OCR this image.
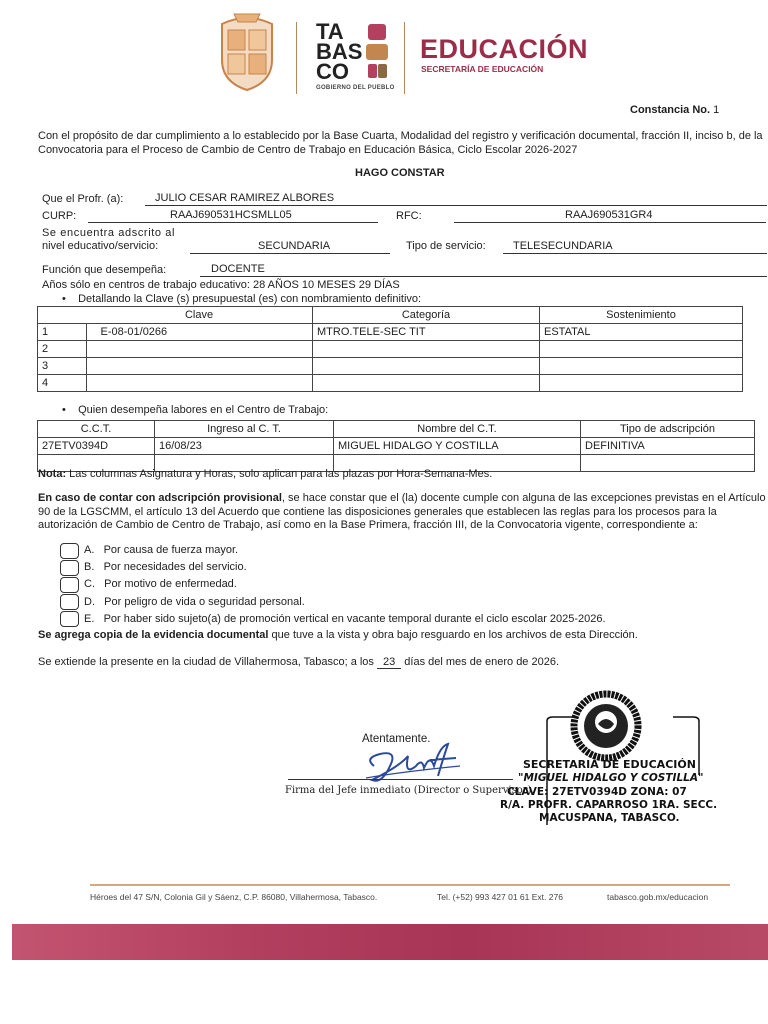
TA
BAS
CO
GOBIERNO DEL PUEBLO
EDUCACIÓN
SECRETARÍA DE EDUCACIÓN
Constancia No. 1
Con el propósito de dar cumplimiento a lo establecido por la Base Cuarta, Modalidad del registro y verificación documental, fracción II, inciso b, de la Convocatoria para el Proceso de Cambio de Centro de Trabajo en Educación Básica, Ciclo Escolar 2026-2027
HAGO CONSTAR
Que el Profr. (a):	JULIO CESAR RAMIREZ ALBORES
CURP:	RAAJ690531HCSMLL05	RFC:	RAAJ690531GR4
Se encuentra adscrito al
nivel educativo/servicio:	SECUNDARIA	Tipo de servicio: TELESECUNDARIA
Función que desempeña:	DOCENTE
Años sólo en centros de trabajo educativo: 28 AÑOS 10 MESES 29 DÍAS
•    Detallando la Clave (s) presupuestal (es) con nombramiento definitivo:
	Clave	Categoría	Sostenimiento
1	E-08-01/0266	MTRO.TELE-SEC TIT	ESTATAL
2			
3			
4			
•    Quien desempeña labores en el Centro de Trabajo:
C.C.T.	Ingreso al C. T.	Nombre del C.T.	Tipo de adscripción
27ETV0394D	16/08/23	MIGUEL HIDALGO Y COSTILLA	DEFINITIVA

Nota: Las columnas Asignatura y Horas, solo aplican para las plazas por Hora-Semana-Mes.
En caso de contar con adscripción provisional, se hace constar que el (la) docente cumple con alguna de las excepciones previstas en el Artículo 90 de la LGSCMM, el artículo 13 del Acuerdo que contiene las disposiciones generales que establecen las reglas para los procesos para la autorización de Cambio de Centro de Trabajo, así como en la Base Primera, fracción III, de la Convocatoria vigente, correspondiente a:
A. Por causa de fuerza mayor.
B. Por necesidades del servicio.
C. Por motivo de enfermedad.
D. Por peligro de vida o seguridad personal.
E. Por haber sido sujeto(a) de promoción vertical en vacante temporal durante el ciclo escolar 2025-2026.
Se agrega copia de la evidencia documental que tuve a la vista y obra bajo resguardo en los archivos de esta Dirección.
Se extiende la presente en la ciudad de Villahermosa, Tabasco; a los 23 días del mes de enero de 2026.
Atentamente.
Firma del Jefe inmediato (Director o Supervisor)
SECRETARIA DE EDUCACIÓN
"MIGUEL HIDALGO Y COSTILLA"
CLAVE: 27ETV0394D ZONA: 07
R/A. PROFR. CAPARROSO 1RA. SECC.
MACUSPANA, TABASCO.
Héroes del 47 S/N, Colonia Gil y Sáenz, C.P. 86080, Villahermosa, Tabasco.	Tel. (+52) 993 427 01 61 Ext. 276	tabasco.gob.mx/educacion
